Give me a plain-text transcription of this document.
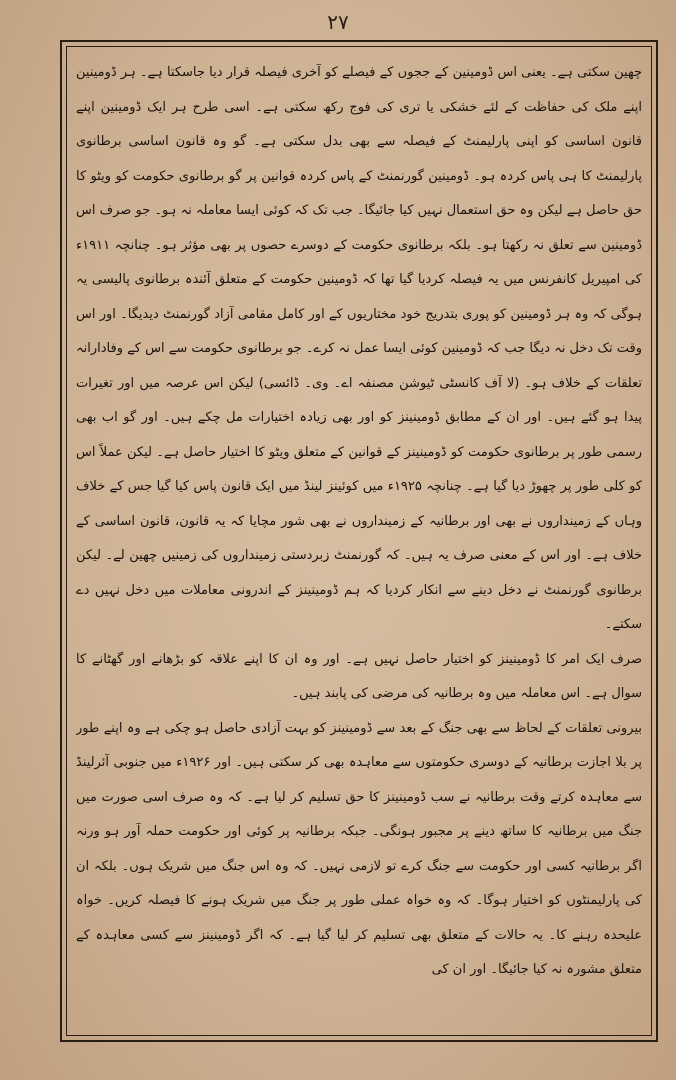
٢٧

چھین سکتی ہے۔ یعنی اس ڈومینین کے ججوں کے فیصلے کو آخری فیصلہ قرار دیا جاسکتا ہے۔ ہر ڈومینین اپنے ملک کی حفاظت کے لئے خشکی یا تری کی فوج رکھ سکتی ہے۔ اسی طرح ہر ایک ڈومینین اپنے قانون اساسی کو اپنی پارلیمنٹ کے فیصلہ سے بھی بدل سکتی ہے۔ گو وہ قانون اساسی برطانوی پارلیمنٹ کا ہی پاس کردہ ہو۔ ڈومینین گورنمنٹ کے پاس کردہ قوانین پر گو برطانوی حکومت کو ویٹو کا حق حاصل ہے لیکن وہ حق استعمال نہیں کیا جائیگا۔ جب تک کہ کوئی ایسا معاملہ نہ ہو۔ جو صرف اس ڈومینین سے تعلق نہ رکھتا ہو۔ بلکہ برطانوی حکومت کے دوسرے حصوں پر بھی مؤثر ہو۔ چنانچہ ۱۹۱۱ء کی امپیریل کانفرنس میں یہ فیصلہ کردیا گیا تھا کہ ڈومینین حکومت کے متعلق آئندہ برطانوی پالیسی یہ ہوگی کہ وہ ہر ڈومینین کو پوری بتدریج خود مختاریوں کے اور کامل مقامی آزاد گورنمنٹ دیدیگا۔ اور اس وقت تک دخل نہ دیگا جب کہ ڈومینین کوئی ایسا عمل نہ کرے۔ جو برطانوی حکومت سے اس کے وفادارانہ تعلقات کے خلاف ہو۔ (لا آف کانسٹی ٹیوشن مصنفہ اے۔ وی۔ ڈائسی) لیکن اس عرصہ میں اور تغیرات پیدا ہو گئے ہیں۔ اور ان کے مطابق ڈومینینز کو اور بھی زیادہ اختیارات مل چکے ہیں۔ اور گو اب بھی رسمی طور پر برطانوی حکومت کو ڈومینینز کے قوانین کے متعلق ویٹو کا اختیار حاصل ہے۔ لیکن عملاً اس کو کلی طور پر چھوڑ دیا گیا ہے۔ چنانچہ ۱۹۲۵ء میں کوئینز لینڈ میں ایک قانون پاس کیا گیا جس کے خلاف وہاں کے زمینداروں نے بھی اور برطانیہ کے زمینداروں نے بھی شور مچایا کہ یہ قانون، قانون اساسی کے خلاف ہے۔ اور اس کے معنی صرف یہ ہیں۔ کہ گورنمنٹ زبردستی زمینداروں کی زمینیں چھین لے۔ لیکن برطانوی گورنمنٹ نے دخل دینے سے انکار کردیا کہ ہم ڈومینینز کے اندرونی معاملات میں دخل نہیں دے سکتے۔

صرف ایک امر کا ڈومینینز کو اختیار حاصل نہیں ہے۔ اور وہ ان کا اپنے علاقہ کو بڑھانے اور گھٹانے کا سوال ہے۔ اس معاملہ میں وہ برطانیہ کی مرضی کی پابند ہیں۔

بیرونی تعلقات کے لحاظ سے بھی جنگ کے بعد سے ڈومینینز کو بہت آزادی حاصل ہو چکی ہے وہ اپنے طور پر بلا اجازت برطانیہ کے دوسری حکومتوں سے معاہدہ بھی کر سکتی ہیں۔ اور ۱۹۲۶ء میں جنوبی آئرلینڈ سے معاہدہ کرتے وقت برطانیہ نے سب ڈومینینز کا حق تسلیم کر لیا ہے۔ کہ وہ صرف اسی صورت میں جنگ میں برطانیہ کا ساتھ دینے پر مجبور ہونگی۔ جبکہ برطانیہ پر کوئی اور حکومت حملہ آور ہو ورنہ اگر برطانیہ کسی اور حکومت سے جنگ کرے تو لازمی نہیں۔ کہ وہ اس جنگ میں شریک ہوں۔ بلکہ ان کی پارلیمنٹوں کو اختیار ہوگا۔ کہ وہ خواہ عملی طور پر جنگ میں شریک ہونے کا فیصلہ کریں۔ خواہ علیحدہ رہنے کا۔ یہ حالات کے متعلق بھی تسلیم کر لیا گیا ہے۔ کہ اگر ڈومینینز سے کسی معاہدہ کے متعلق مشورہ نہ کیا جائیگا۔ اور ان کی
